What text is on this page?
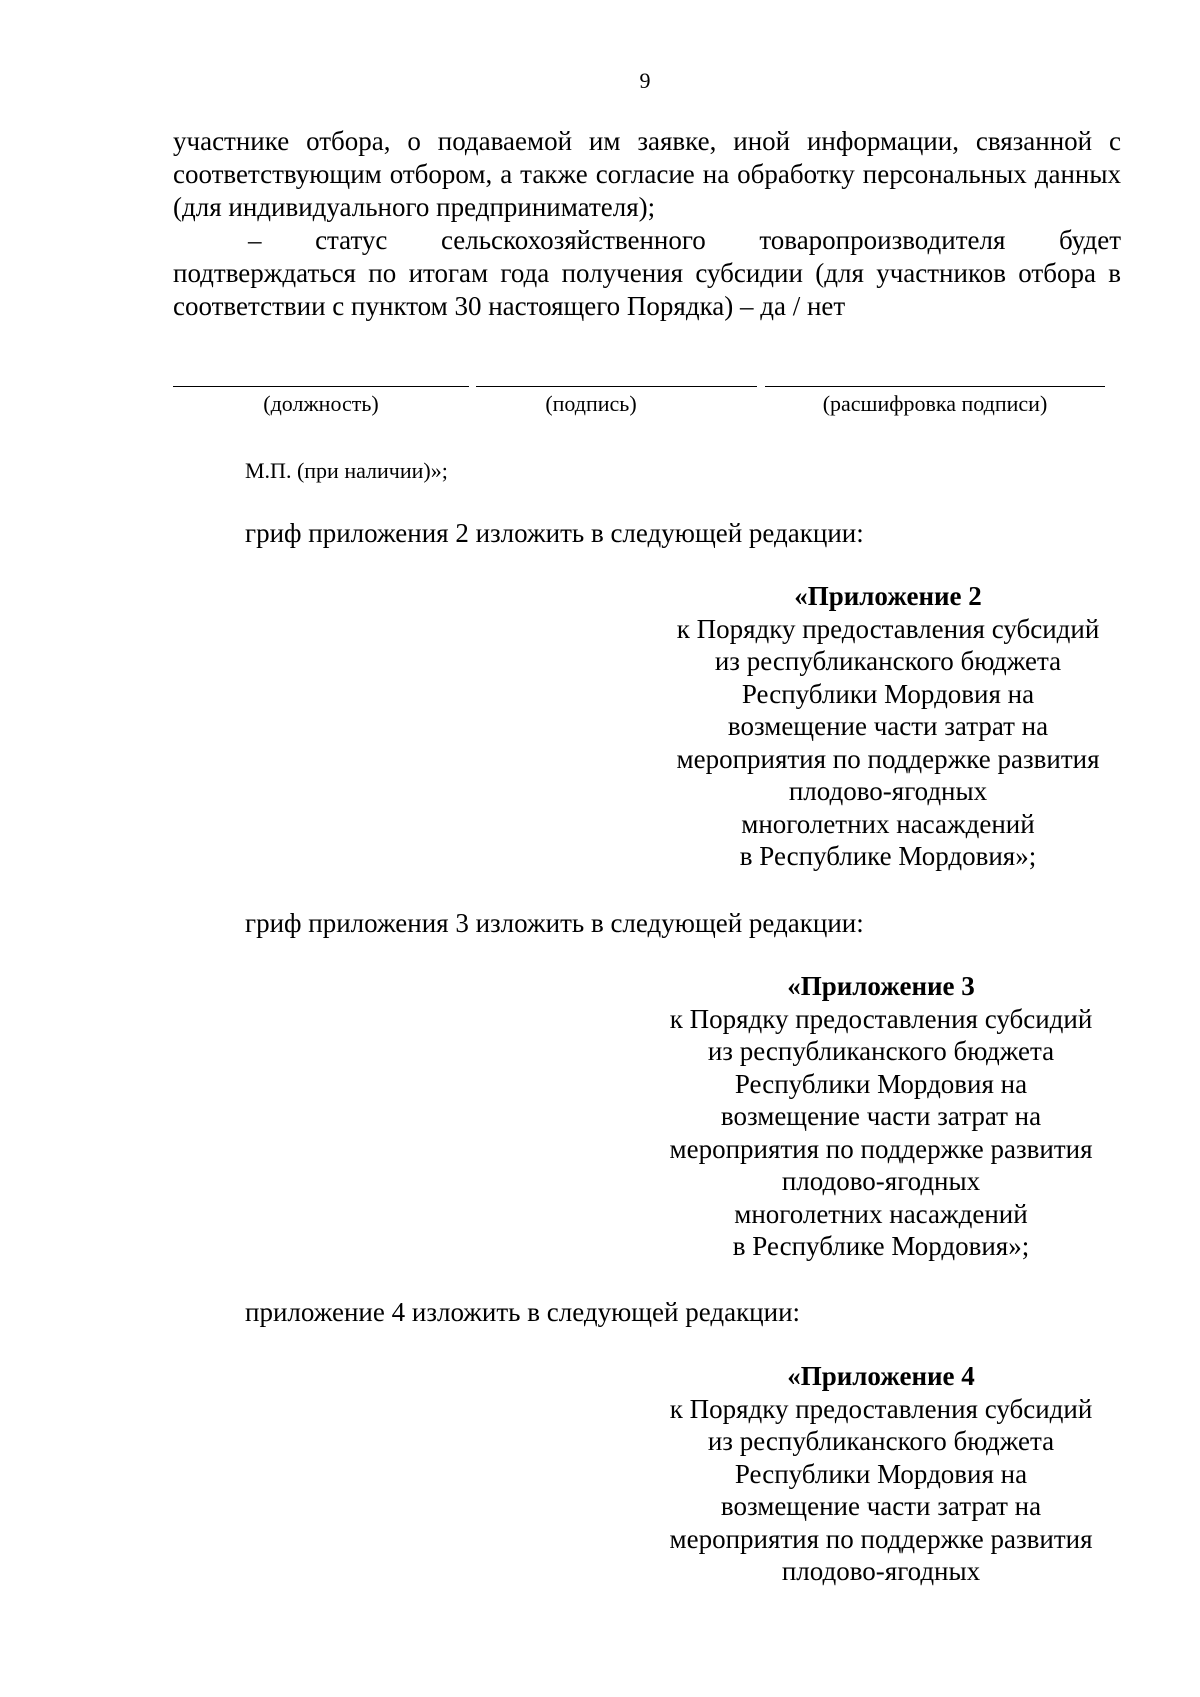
9

участнике отбора, о подаваемой им заявке, иной информации, связанной с соответствующим отбором, а также согласие на обработку персональных данных (для индивидуального предпринимателя);

– статус сельскохозяйственного товаропроизводителя будет подтверждаться по итогам года получения субсидии (для участников отбора в соответствии с пунктом 30 настоящего Порядка) – да / нет

(должность)	(подпись)	(расшифровка подписи)
М.П. (при наличии)»;
гриф приложения 2 изложить в следующей редакции:
«Приложение 2
к Порядку предоставления субсидий
из республиканского бюджета
Республики Мордовия на
возмещение части затрат на
мероприятия по поддержке развития
плодово-ягодных
многолетних насаждений
в Республике Мордовия»;
гриф приложения 3 изложить в следующей редакции:
«Приложение 3
к Порядку предоставления субсидий
из республиканского бюджета
Республики Мордовия на
возмещение части затрат на
мероприятия по поддержке развития
плодово-ягодных
многолетних насаждений
в Республике Мордовия»;
приложение 4 изложить в следующей редакции:
«Приложение 4
к Порядку предоставления субсидий
из республиканского бюджета
Республики Мордовия на
возмещение части затрат на
мероприятия по поддержке развития
плодово-ягодных
